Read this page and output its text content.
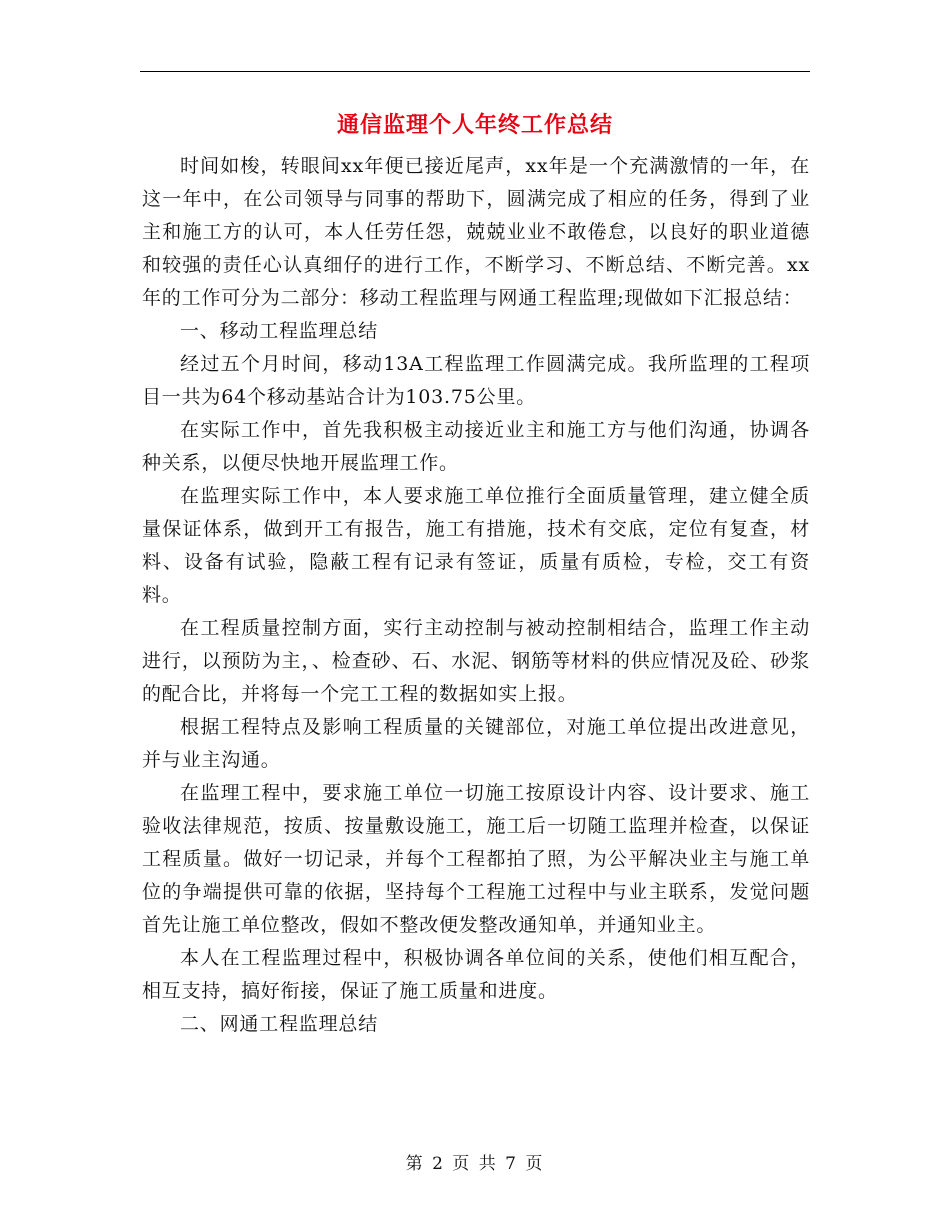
通信监理个人年终工作总结

时间如梭，转眼间xx年便已接近尾声，xx年是一个充满激情的一年，在这一年中，在公司领导与同事的帮助下，圆满完成了相应的任务，得到了业主和施工方的认可，本人任劳任怨，兢兢业业不敢倦怠，以良好的职业道德和较强的责任心认真细仔的进行工作，不断学习、不断总结、不断完善。xx年的工作可分为二部分：移动工程监理与网通工程监理;现做如下汇报总结：

一、移动工程监理总结

经过五个月时间，移动13A工程监理工作圆满完成。我所监理的工程项目一共为64个移动基站合计为103.75公里。

在实际工作中，首先我积极主动接近业主和施工方与他们沟通，协调各种关系，以便尽快地开展监理工作。

在监理实际工作中，本人要求施工单位推行全面质量管理，建立健全质量保证体系，做到开工有报告，施工有措施，技术有交底，定位有复查，材料、设备有试验，隐蔽工程有记录有签证，质量有质检，专检，交工有资料。

在工程质量控制方面，实行主动控制与被动控制相结合，监理工作主动进行，以预防为主，、检查砂、石、水泥、钢筋等材料的供应情况及砼、砂浆的配合比，并将每一个完工工程的数据如实上报。

根据工程特点及影响工程质量的关键部位，对施工单位提出改进意见，并与业主沟通。

在监理工程中，要求施工单位一切施工按原设计内容、设计要求、施工验收法律规范，按质、按量敷设施工，施工后一切随工监理并检查，以保证工程质量。做好一切记录，并每个工程都拍了照，为公平解决业主与施工单位的争端提供可靠的依据，坚持每个工程施工过程中与业主联系，发觉问题首先让施工单位整改，假如不整改便发整改通知单，并通知业主。

本人在工程监理过程中，积极协调各单位间的关系，使他们相互配合，相互支持，搞好衔接，保证了施工质量和进度。

二、网通工程监理总结

第 2 页 共 7 页
